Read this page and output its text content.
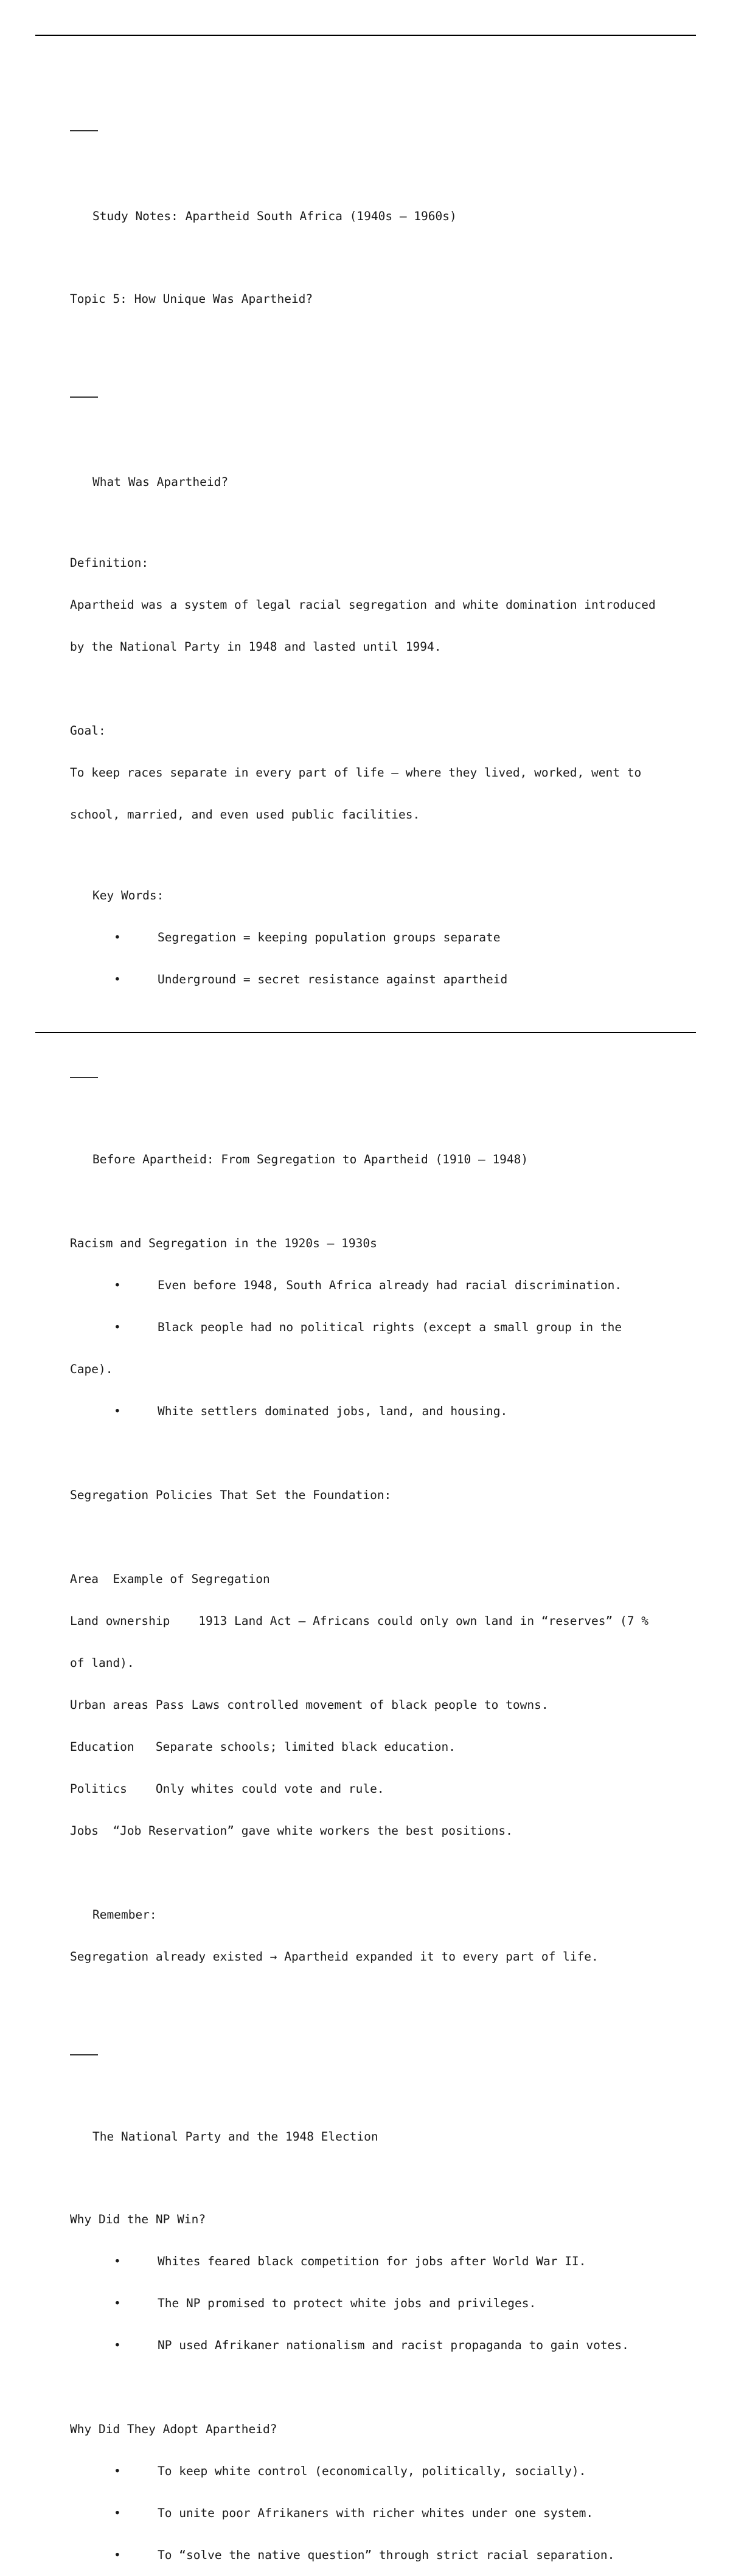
Study Notes: Apartheid South Africa (1940s – 1960s)

Topic 5: How Unique Was Apartheid?

What Was Apartheid?

Definition:

Apartheid was a system of legal racial segregation and white domination introduced

by the National Party in 1948 and lasted until 1994.

Goal:

To keep races separate in every part of life — where they lived, worked, went to

school, married, and even used public facilities.

Key Words:

•	Segregation = keeping population groups separate

•	Underground = secret resistance against apartheid

Before Apartheid: From Segregation to Apartheid (1910 – 1948)

Racism and Segregation in the 1920s – 1930s

•	Even before 1948, South Africa already had racial discrimination.

•	Black people had no political rights (except a small group in the

Cape).

•	White settlers dominated jobs, land, and housing.

Segregation Policies That Set the Foundation:

Area  Example of Segregation

Land ownership    1913 Land Act – Africans could only own land in “reserves” (7 %

of land).

Urban areas Pass Laws controlled movement of black people to towns.

Education   Separate schools; limited black education.

Politics    Only whites could vote and rule.

Jobs  “Job Reservation” gave white workers the best positions.

Remember:

Segregation already existed → Apartheid expanded it to every part of life.

The National Party and the 1948 Election

Why Did the NP Win?

•	Whites feared black competition for jobs after World War II.

•	The NP promised to protect white jobs and privileges.

•	NP used Afrikaner nationalism and racist propaganda to gain votes.

Why Did They Adopt Apartheid?

•	To keep white control (economically, politically, socially).

•	To unite poor Afrikaners with richer whites under one system.

•	To “solve the native question” through strict racial separation.
